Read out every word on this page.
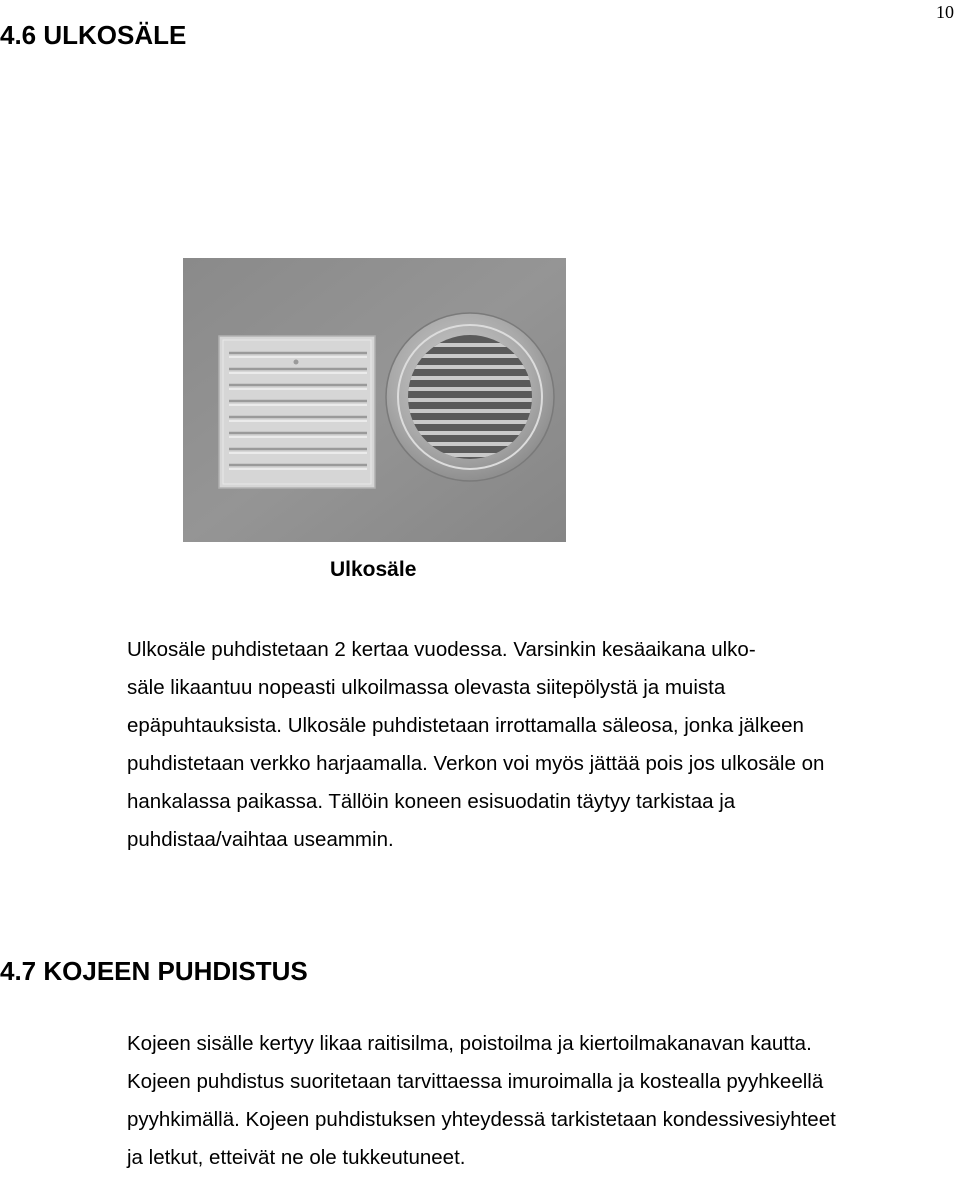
10
4.6 ULKOSÄLE
Ulkosäle
Ulkosäle puhdistetaan 2 kertaa vuodessa. Varsinkin kesäaikana ulko-
säle likaantuu nopeasti ulkoilmassa olevasta siitepölystä ja muista
epäpuhtauksista. Ulkosäle puhdistetaan irrottamalla säleosa, jonka jälkeen
puhdistetaan verkko harjaamalla. Verkon voi myös jättää pois jos ulkosäle on
hankalassa paikassa. Tällöin koneen esisuodatin täytyy tarkistaa ja
puhdistaa/vaihtaa useammin.
4.7 KOJEEN PUHDISTUS
Kojeen sisälle kertyy likaa raitisilma, poistoilma ja kiertoilmakanavan kautta.
Kojeen puhdistus suoritetaan tarvittaessa imuroimalla ja kostealla pyyhkeellä
pyyhkimällä. Kojeen puhdistuksen yhteydessä tarkistetaan kondessivesiyhteet
ja letkut, etteivät ne ole tukkeutuneet.
